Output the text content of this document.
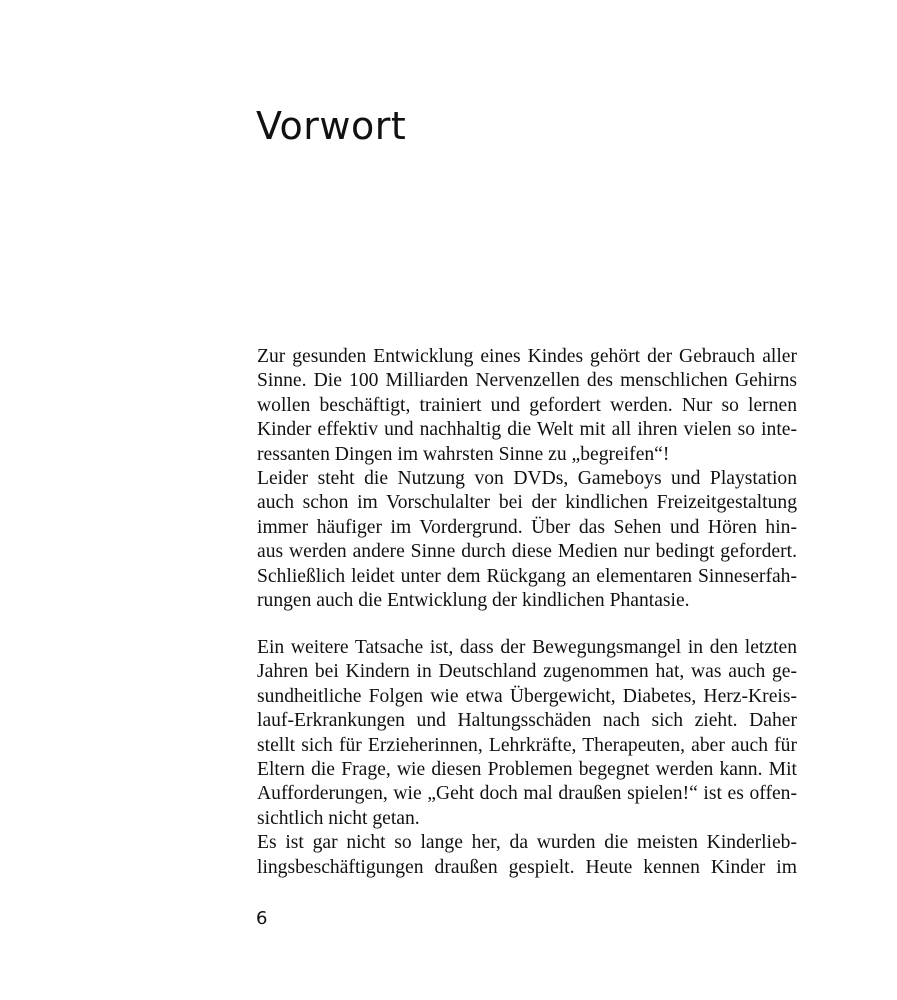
Vorwort
Zur gesunden Entwicklung eines Kindes gehört der Gebrauch aller
Sinne. Die 100 Milliarden Nervenzellen des menschlichen Gehirns
wollen beschäftigt, trainiert und gefordert werden. Nur so lernen
Kinder effektiv und nachhaltig die Welt mit all ihren vielen so inte-
ressanten Dingen im wahrsten Sinne zu „begreifen“!
Leider steht die Nutzung von DVDs, Gameboys und Playstation
auch schon im Vorschulalter bei der kindlichen Freizeitgestaltung
immer häufiger im Vordergrund. Über das Sehen und Hören hin-
aus werden andere Sinne durch diese Medien nur bedingt gefordert.
Schließlich leidet unter dem Rückgang an elementaren Sinneserfah-
rungen auch die Entwicklung der kindlichen Phantasie.
Ein weitere Tatsache ist, dass der Bewegungsmangel in den letzten
Jahren bei Kindern in Deutschland zugenommen hat, was auch ge-
sundheitliche Folgen wie etwa Übergewicht, Diabetes, Herz-Kreis-
lauf-Erkrankungen und Haltungsschäden nach sich zieht. Daher
stellt sich für Erzieherinnen, Lehrkräfte, Therapeuten, aber auch für
Eltern die Frage, wie diesen Problemen begegnet werden kann. Mit
Aufforderungen, wie „Geht doch mal draußen spielen!“ ist es offen-
sichtlich nicht getan.
Es ist gar nicht so lange her, da wurden die meisten Kinderlieb-
lingsbeschäftigungen draußen gespielt. Heute kennen Kinder im
6
